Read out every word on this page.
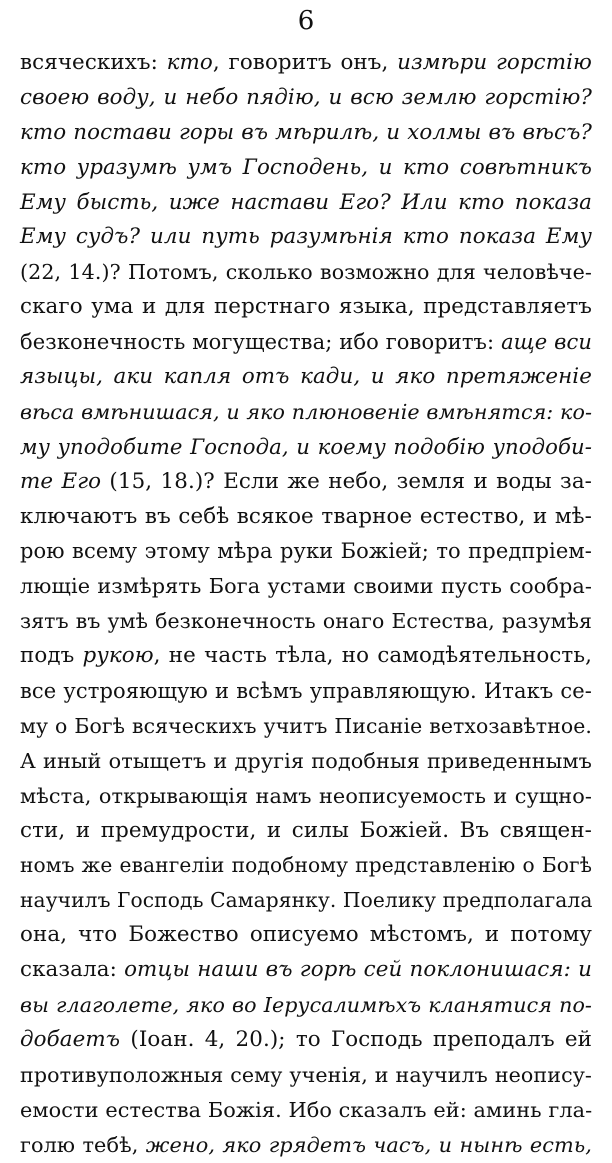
6
всяческихъ: кто, говоритъ онъ, измѣри горстію
своею воду, и небо пядію, и всю землю горстію?
кто постави горы въ мѣрилѣ, и холмы въ вѣсъ?
кто уразумѣ умъ Господень, и кто совѣтникъ
Ему бысть, иже настави Его? Или кто показа
Ему судъ? или путь разумѣнія кто показа Ему
(22, 14.)? Потомъ, сколько возможно для человѣче-
скаго ума и для перстнаго языка, представляетъ
безконечность могущества; ибо говоритъ: аще вси
языцы, аки капля отъ кади, и яко претяженіе
вѣса вмѣнишася, и яко плюновеніе вмѣнятся: ко-
му уподобите Господа, и коему подобію уподоби-
те Его (15, 18.)? Если же небо, земля и воды за-
ключаютъ въ себѣ всякое тварное естество, и мѣ-
рою всему этому мѣра руки Божіей; то предпріем-
лющіе измѣрять Бога устами своими пусть сообра-
зятъ въ умѣ безконечность онаго Естества, разумѣя
подъ рукою, не часть тѣла, но самодѣятельность,
все устрояющую и всѣмъ управляющую. Итакъ се-
му о Богѣ всяческихъ учитъ Писаніе ветхозавѣтное.
А иный отыщетъ и другія подобныя приведеннымъ
мѣста, открывающія намъ неописуемость и сущно-
сти, и премудрости, и силы Божіей. Въ священ-
номъ же евангеліи подобному представленію о Богѣ
научилъ Господь Самарянку. Поелику предполагала
она, что Божество описуемо мѣстомъ, и потому
сказала: отцы наши въ горѣ сей поклонишася: и
вы глаголете, яко во Іерусалимѣхъ кланятися по-
добаетъ (Іоан. 4, 20.); то Господь преподалъ ей
противуположныя сему ученія, и научилъ неопису-
емости естества Божія. Ибо сказалъ ей: аминь гла-
голю тебѣ, жено, яко грядетъ часъ, и нынѣ есть,
